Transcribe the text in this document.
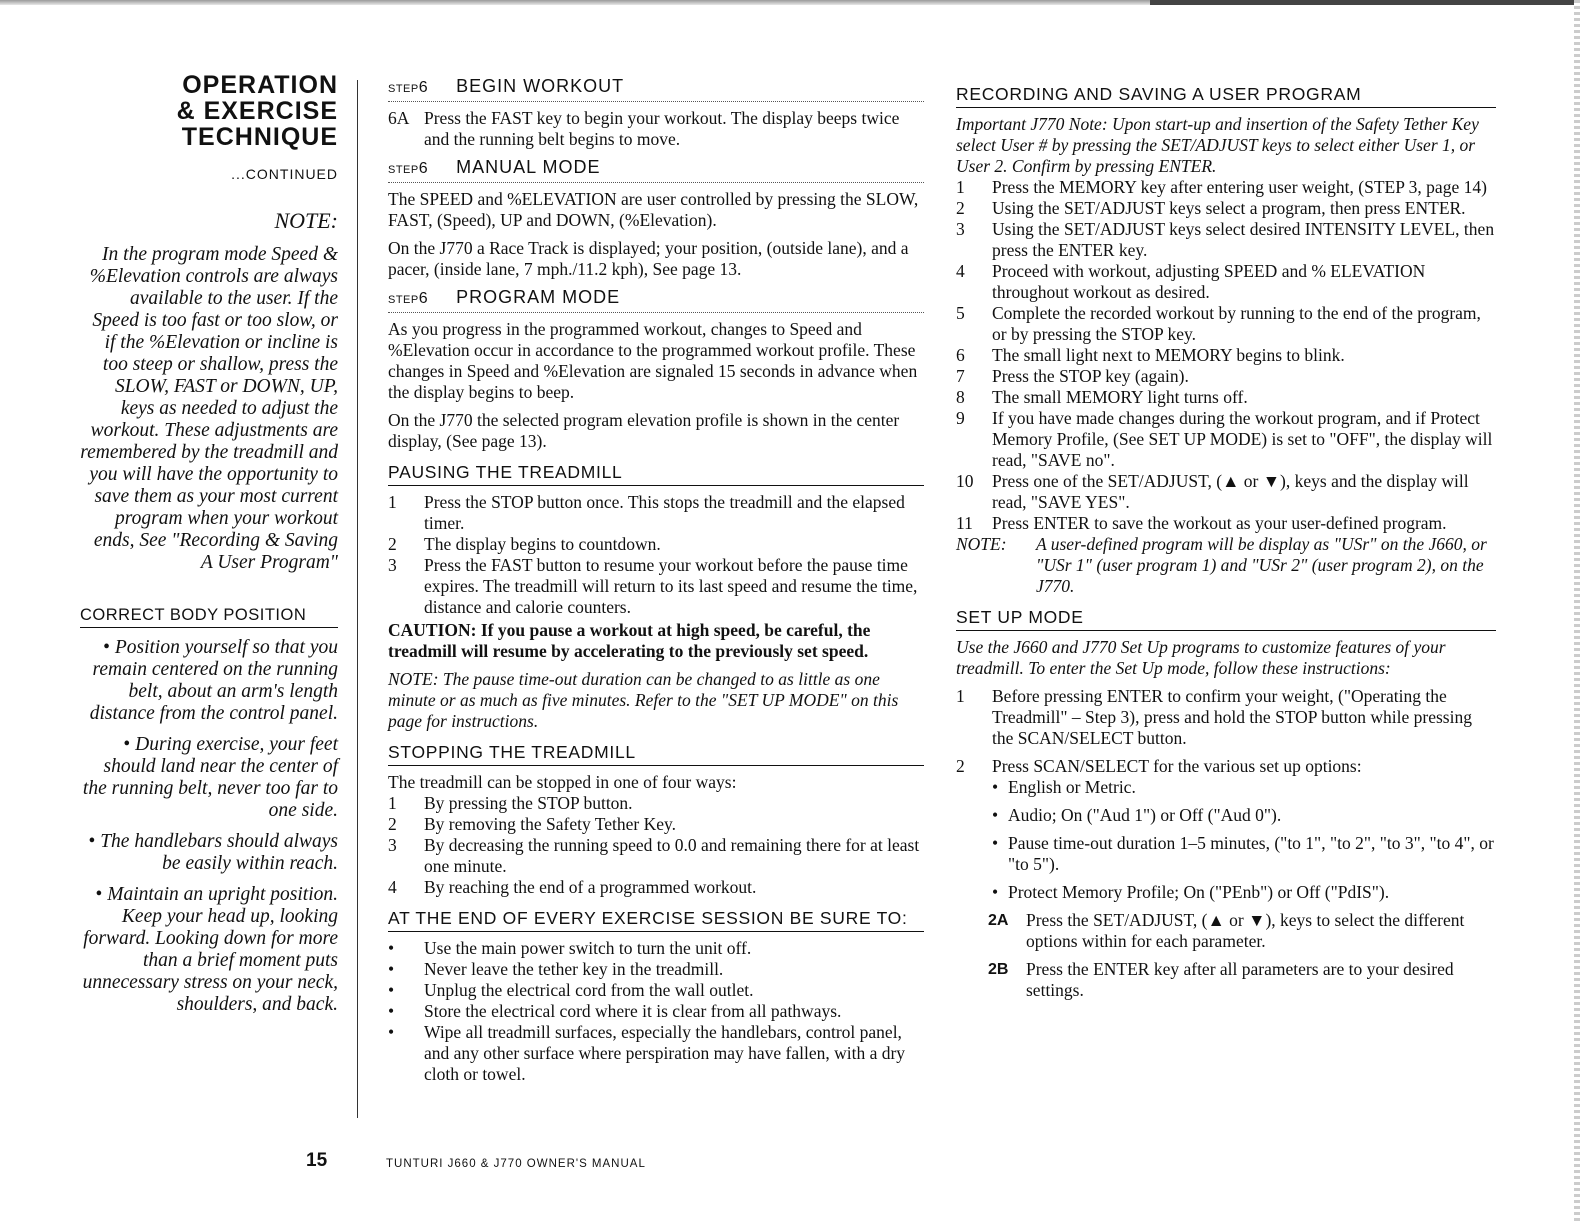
OPERATION
& EXERCISE
TECHNIQUE
...CONTINUED
NOTE:
In the program mode Speed & %Elevation controls are always available to the user. If the Speed is too fast or too slow, or if the %Elevation or incline is too steep or shallow, press the SLOW, FAST or DOWN, UP, keys as needed to adjust the workout. These adjustments are remembered by the treadmill and you will have the opportunity to save them as your most current program when your workout ends, See "Recording & Saving A User Program"
CORRECT BODY POSITION
• Position yourself so that you remain centered on the running belt, about an arm's length distance from the control panel.
• During exercise, your feet should land near the center of the running belt, never too far to one side.
• The handlebars should always be easily within reach.
• Maintain an upright position. Keep your head up, looking forward. Looking down for more than a brief moment puts unnecessary stress on your neck, shoulders, and back.
STEP6 BEGIN WORKOUT
6A Press the FAST key to begin your workout. The display beeps twice and the running belt begins to move.
STEP6 MANUAL MODE

The SPEED and %ELEVATION are user controlled by pressing the SLOW, FAST, (Speed), UP and DOWN, (%Elevation).

On the J770 a Race Track is displayed; your position, (outside lane), and a pacer, (inside lane, 7 mph./11.2 kph), See page 13.

STEP6 PROGRAM MODE

As you progress in the programmed workout, changes to Speed and %Elevation occur in accordance to the programmed workout profile. These changes in Speed and %Elevation are signaled 15 seconds in advance when the display begins to beep.

On the J770 the selected program elevation profile is shown in the center display, (See page 13).

PAUSING THE TREADMILL
1	Press the STOP button once. This stops the treadmill and the elapsed timer.
2	The display begins to countdown.
3	Press the FAST button to resume your workout before the pause time expires. The treadmill will return to its last speed and resume the time, distance and calorie counters.

CAUTION: If you pause a workout at high speed, be careful, the treadmill will resume by accelerating to the previously set speed.

NOTE: The pause time-out duration can be changed to as little as one minute or as much as five minutes. Refer to the "SET UP MODE" on this page for instructions.

STOPPING THE TREADMILL

The treadmill can be stopped in one of four ways:

1	By pressing the STOP button.
2	By removing the Safety Tether Key.
3	By decreasing the running speed to 0.0 and remaining there for at least one minute.
4	By reaching the end of a programmed workout.
AT THE END OF EVERY EXERCISE SESSION BE SURE TO:
•	Use the main power switch to turn the unit off.
•	Never leave the tether key in the treadmill.
•	Unplug the electrical cord from the wall outlet.
•	Store the electrical cord where it is clear from all pathways.
•	Wipe all treadmill surfaces, especially the handlebars, control panel, and any other surface where perspiration may have fallen, with a dry cloth or towel.
RECORDING AND SAVING A USER PROGRAM

Important J770 Note: Upon start-up and insertion of the Safety Tether Key select User # by pressing the SET/ADJUST keys to select either User 1, or User 2. Confirm by pressing ENTER.

1	Press the MEMORY key after entering user weight, (STEP 3, page 14)
2	Using the SET/ADJUST keys select a program, then press ENTER.
3	Using the SET/ADJUST keys select desired INTENSITY LEVEL, then press the ENTER key.
4	Proceed with workout, adjusting SPEED and % ELEVATION throughout workout as desired.
5	Complete the recorded workout by running to the end of the program, or by pressing the STOP key.
6	The small light next to MEMORY begins to blink.
7	Press the STOP key (again).
8	The small MEMORY light turns off.
9	If you have made changes during the workout program, and if Protect Memory Profile, (See SET UP MODE) is set to "OFF", the display will read, "SAVE no".
10	Press one of the SET/ADJUST, (▲ or ▼), keys and the display will read, "SAVE YES".
11	Press ENTER to save the workout as your user-defined program.
NOTE:	A user-defined program will be display as "USr" on the J660, or "USr 1" (user program 1) and "USr 2" (user program 2), on the J770.
SET UP MODE

Use the J660 and J770 Set Up programs to customize features of your treadmill. To enter the Set Up mode, follow these instructions:

1	Before pressing ENTER to confirm your weight, ("Operating the Treadmill" – Step 3), press and hold the STOP button while pressing the SCAN/SELECT button.
2	Press SCAN/SELECT for the various set up options:
• English or Metric.
• Audio; On ("Aud 1") or Off ("Aud 0").
• Pause time-out duration 1–5 minutes, ("to 1", "to 2", "to 3", "to 4", or "to 5").
• Protect Memory Profile; On ("PEnb") or Off ("PdIS").
2A	Press the SET/ADJUST, (▲ or ▼), keys to select the different options within for each parameter.
2B	Press the ENTER key after all parameters are to your desired settings.
15	TUNTURI J660 & J770 OWNER'S MANUAL
